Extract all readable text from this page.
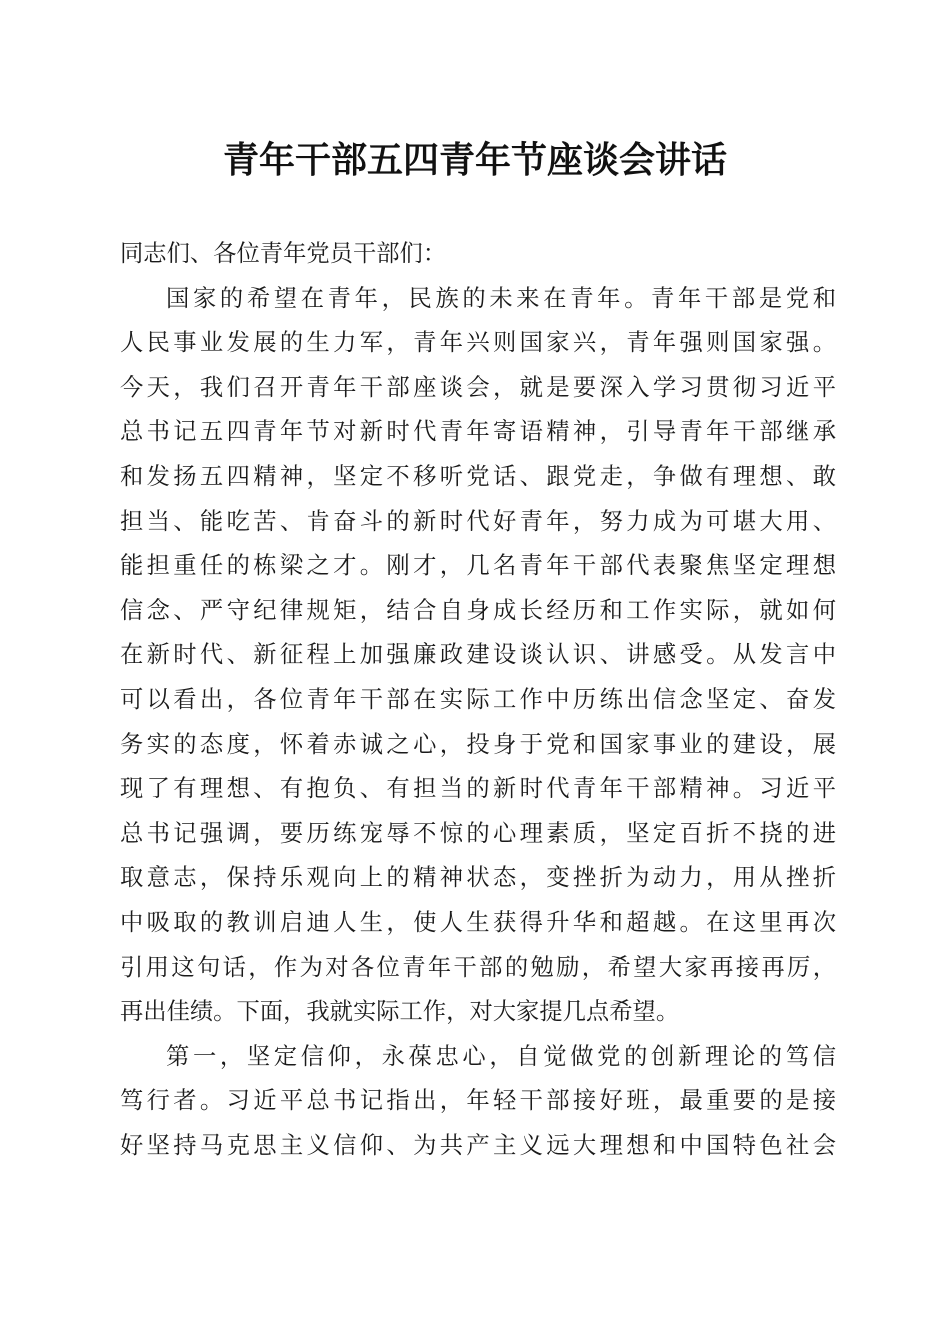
青年干部五四青年节座谈会讲话
同志们、各位青年党员干部们：
国家的希望在青年，民族的未来在青年。青年干部是党和
人民事业发展的生力军，青年兴则国家兴，青年强则国家强。
今天，我们召开青年干部座谈会，就是要深入学习贯彻习近平
总书记五四青年节对新时代青年寄语精神，引导青年干部继承
和发扬五四精神，坚定不移听党话、跟党走，争做有理想、敢
担当、能吃苦、肯奋斗的新时代好青年，努力成为可堪大用、
能担重任的栋梁之才。刚才，几名青年干部代表聚焦坚定理想
信念、严守纪律规矩，结合自身成长经历和工作实际，就如何
在新时代、新征程上加强廉政建设谈认识、讲感受。从发言中
可以看出，各位青年干部在实际工作中历练出信念坚定、奋发
务实的态度，怀着赤诚之心，投身于党和国家事业的建设，展
现了有理想、有抱负、有担当的新时代青年干部精神。习近平
总书记强调，要历练宠辱不惊的心理素质，坚定百折不挠的进
取意志，保持乐观向上的精神状态，变挫折为动力，用从挫折
中吸取的教训启迪人生，使人生获得升华和超越。在这里再次
引用这句话，作为对各位青年干部的勉励，希望大家再接再厉，
再出佳绩。下面，我就实际工作，对大家提几点希望。
第一，坚定信仰，永葆忠心，自觉做党的创新理论的笃信
笃行者。习近平总书记指出，年轻干部接好班，最重要的是接
好坚持马克思主义信仰、为共产主义远大理想和中国特色社会
